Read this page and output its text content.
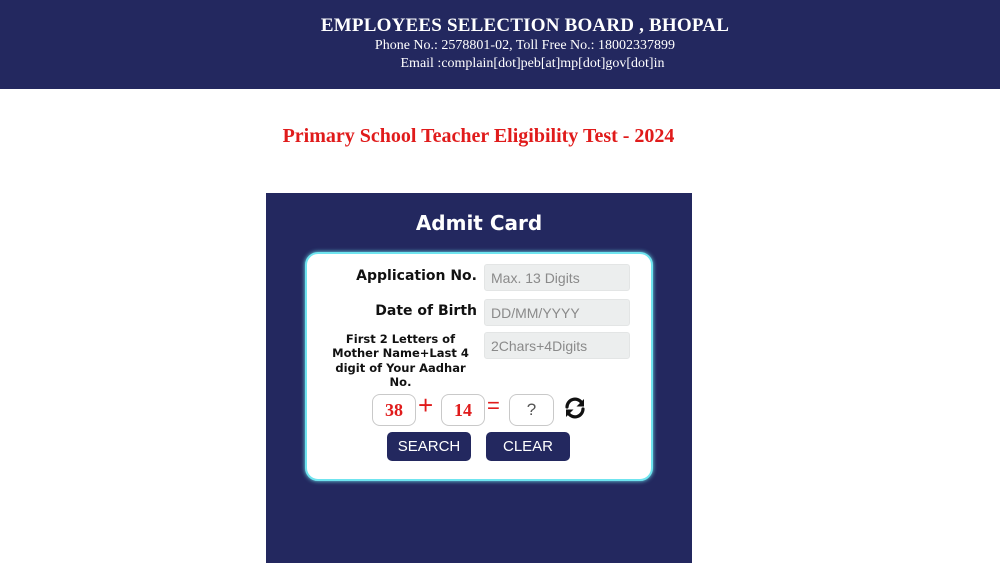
EMPLOYEES SELECTION BOARD , BHOPAL
Phone No.: 2578801-02, Toll Free No.: 18002337899
Email :complain[dot]peb[at]mp[dot]gov[dot]in
Primary School Teacher Eligibility Test - 2024
Admit Card
Application No.
Max. 13 Digits
Date of Birth
DD/MM/YYYY
First 2 Letters of Mother Name+Last 4 digit of Your Aadhar No.
2Chars+4Digits
38 +	14 =
?
SEARCH	CLEAR
